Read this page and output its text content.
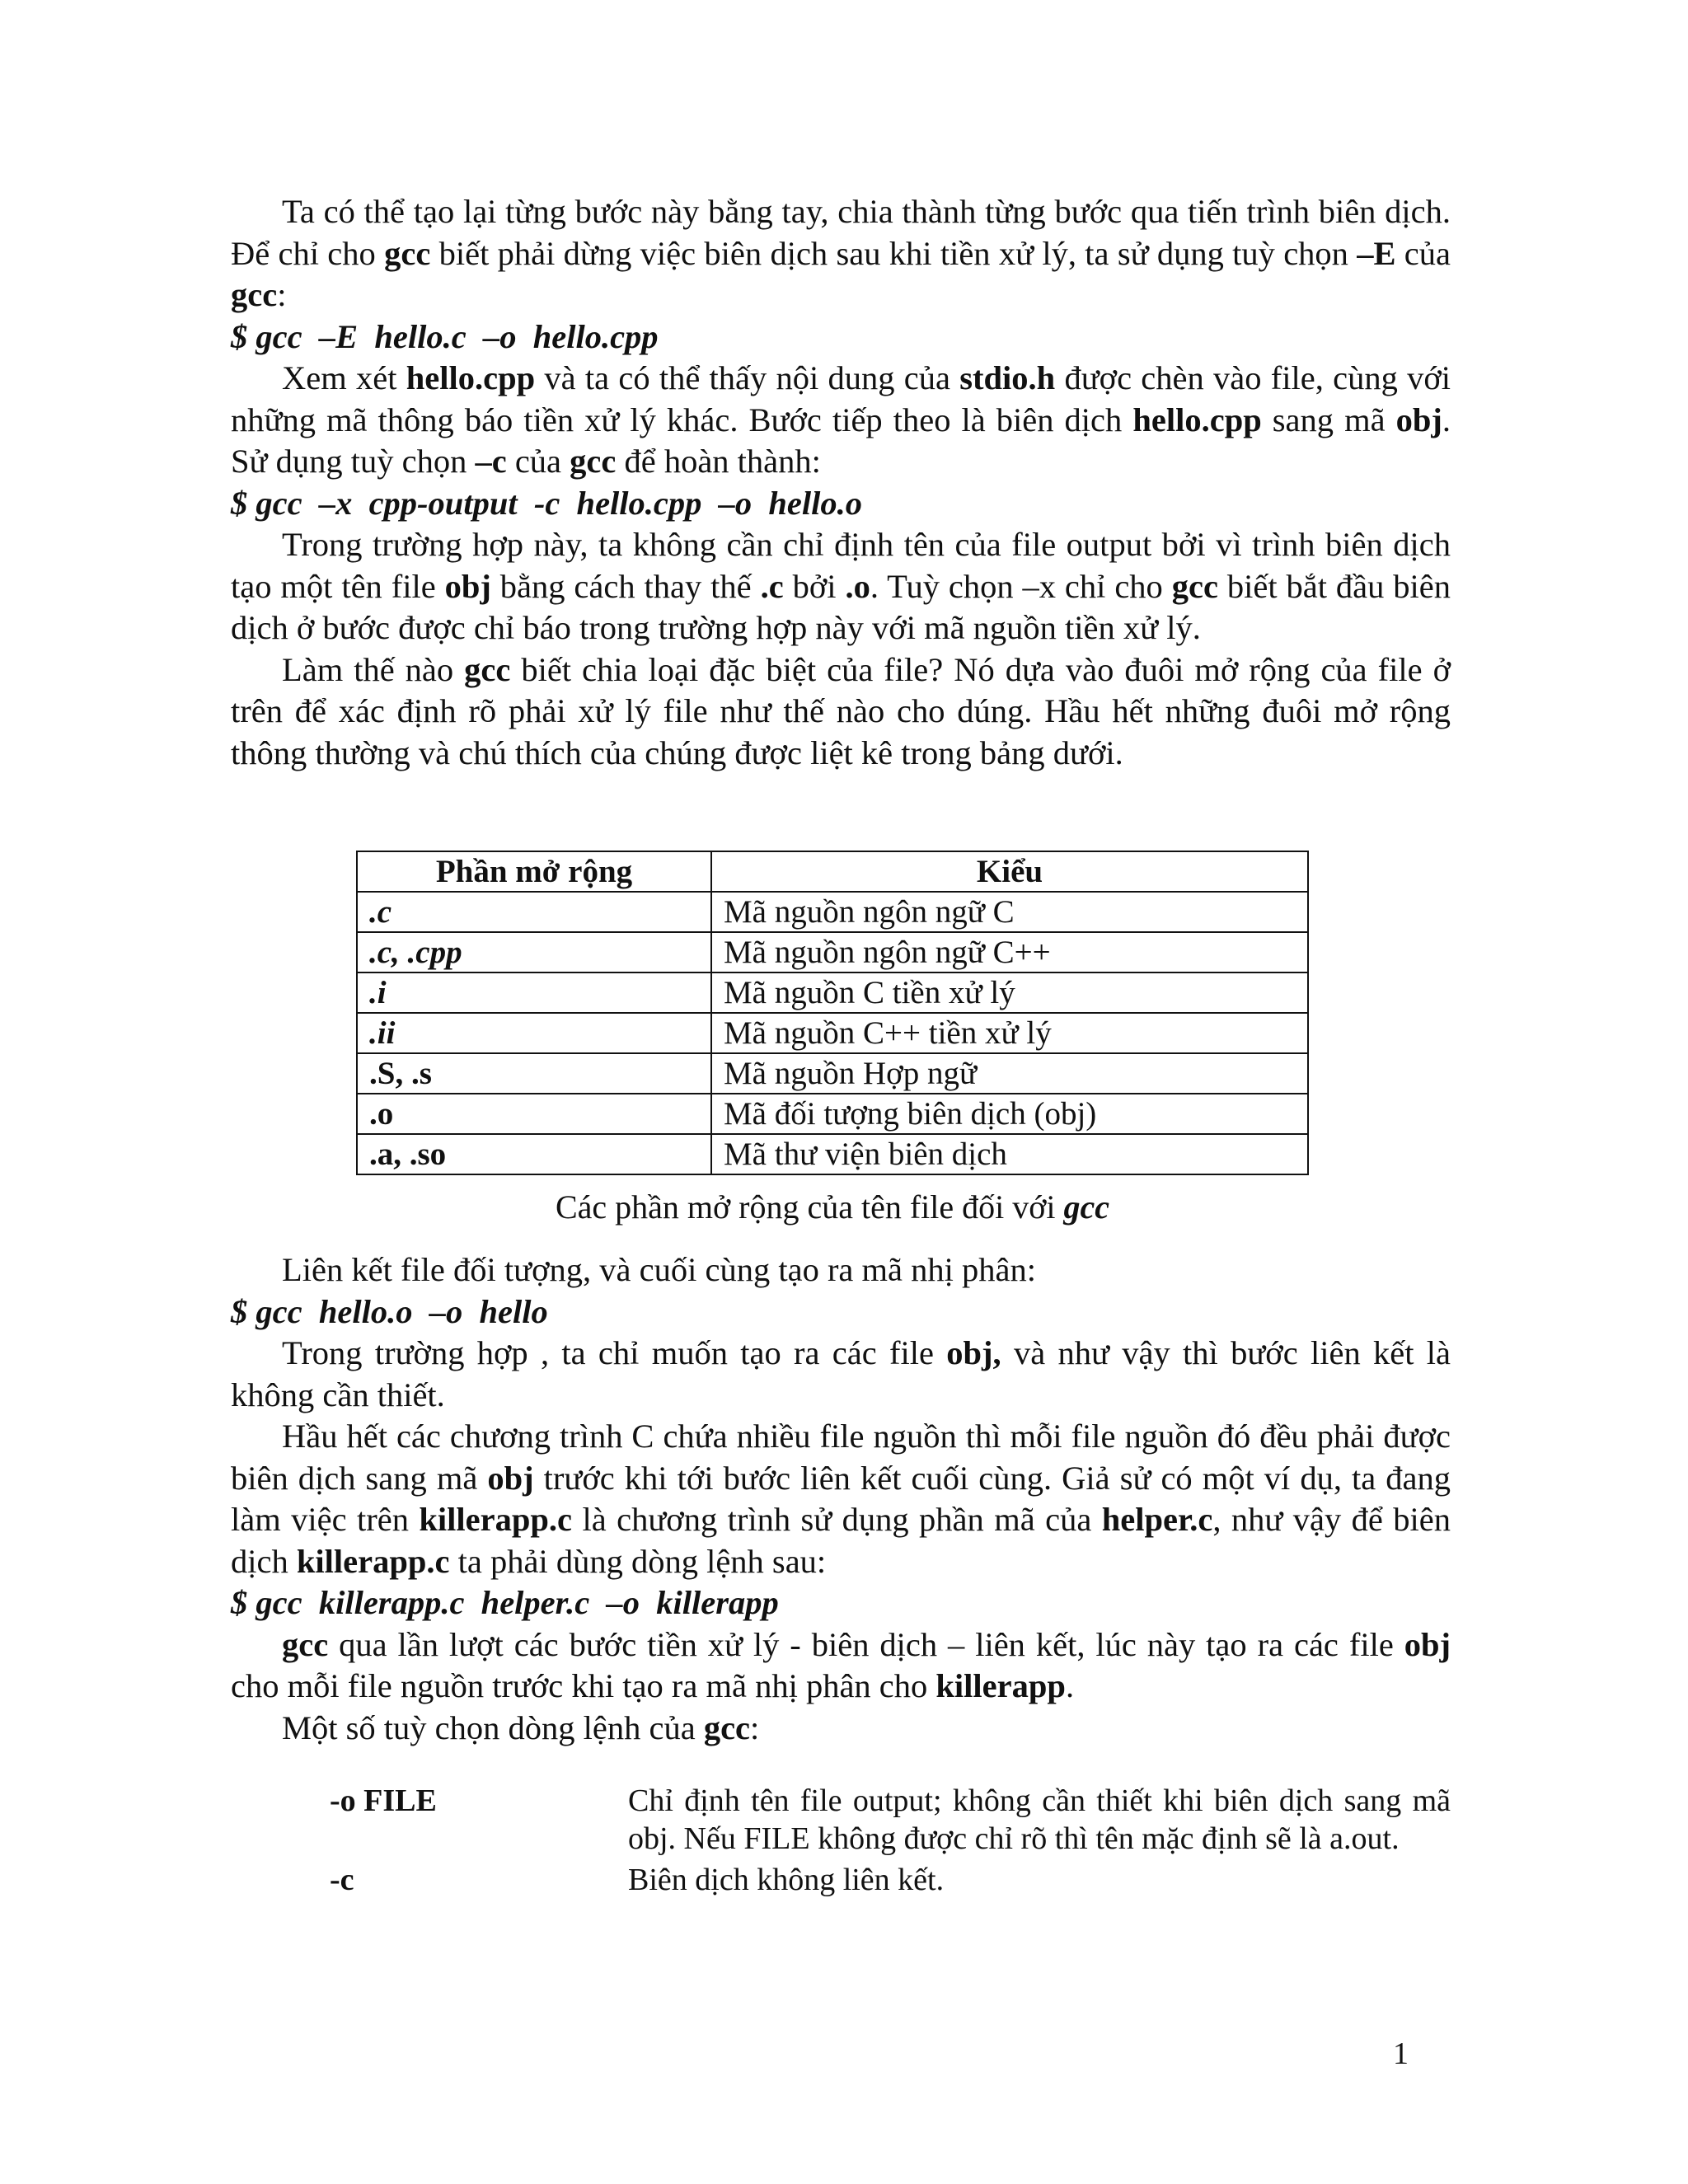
Ta có thể tạo lại từng bước này bằng tay, chia thành từng bước qua tiến trình biên dịch. Để chỉ cho gcc biết phải dừng việc biên dịch sau khi tiền xử lý, ta sử dụng tuỳ chọn –E của gcc:

$ gcc  –E  hello.c  –o  hello.cpp

Xem xét hello.cpp và ta có thể thấy nội dung của stdio.h được chèn vào file, cùng với những mã thông báo tiền xử lý khác. Bước tiếp theo là biên dịch hello.cpp sang mã obj. Sử dụng tuỳ chọn –c của gcc để hoàn thành:

$ gcc  –x  cpp-output  -c  hello.cpp  –o  hello.o

Trong trường hợp này, ta không cần chỉ định tên của file output bởi vì trình biên dịch tạo một tên file obj bằng cách thay thế .c bởi .o. Tuỳ chọn –x chỉ cho gcc biết bắt đầu biên dịch ở bước được chỉ báo trong trường hợp này với mã nguồn tiền xử lý.

Làm thế nào gcc biết chia loại đặc biệt của file? Nó dựa vào đuôi mở rộng của file ở trên để xác định rõ phải xử lý file như thế nào cho dúng. Hầu hết những đuôi mở rộng thông thường và chú thích của chúng được liệt kê trong bảng dưới.

Phần mở rộng	Kiểu
.c	Mã nguồn ngôn ngữ C
.c, .cpp	Mã nguồn ngôn ngữ C++
.i	Mã nguồn C tiền xử lý
.ii	Mã nguồn C++ tiền xử lý
.S, .s	Mã nguồn Hợp ngữ
.o	Mã đối tượng biên dịch (obj)
.a, .so	Mã thư viện biên dịch
Các phần mở rộng của tên file đối với gcc

Liên kết file đối tượng, và cuối cùng tạo ra mã nhị phân:

$ gcc  hello.o  –o  hello

Trong trường hợp , ta chỉ muốn tạo ra các file obj, và như vậy thì bước liên kết là không cần thiết.

Hầu hết các chương trình C chứa nhiều file nguồn thì mỗi file nguồn đó đều phải được biên dịch sang mã obj trước khi tới bước liên kết cuối cùng. Giả sử có một ví dụ, ta đang làm việc trên killerapp.c là chương trình sử dụng phần mã của helper.c, như vậy để biên dịch killerapp.c ta phải dùng dòng lệnh sau:

$ gcc  killerapp.c  helper.c  –o  killerapp

gcc qua lần lượt các bước tiền xử lý - biên dịch – liên kết, lúc này tạo ra các file obj cho mỗi file nguồn trước khi tạo ra mã nhị phân cho killerapp.

Một số tuỳ chọn dòng lệnh của gcc:

-o FILE	Chỉ định tên file output; không cần thiết khi biên dịch sang mã obj. Nếu FILE không được chỉ rõ thì tên mặc định sẽ là a.out.
-c	Biên dịch không liên kết.
1
